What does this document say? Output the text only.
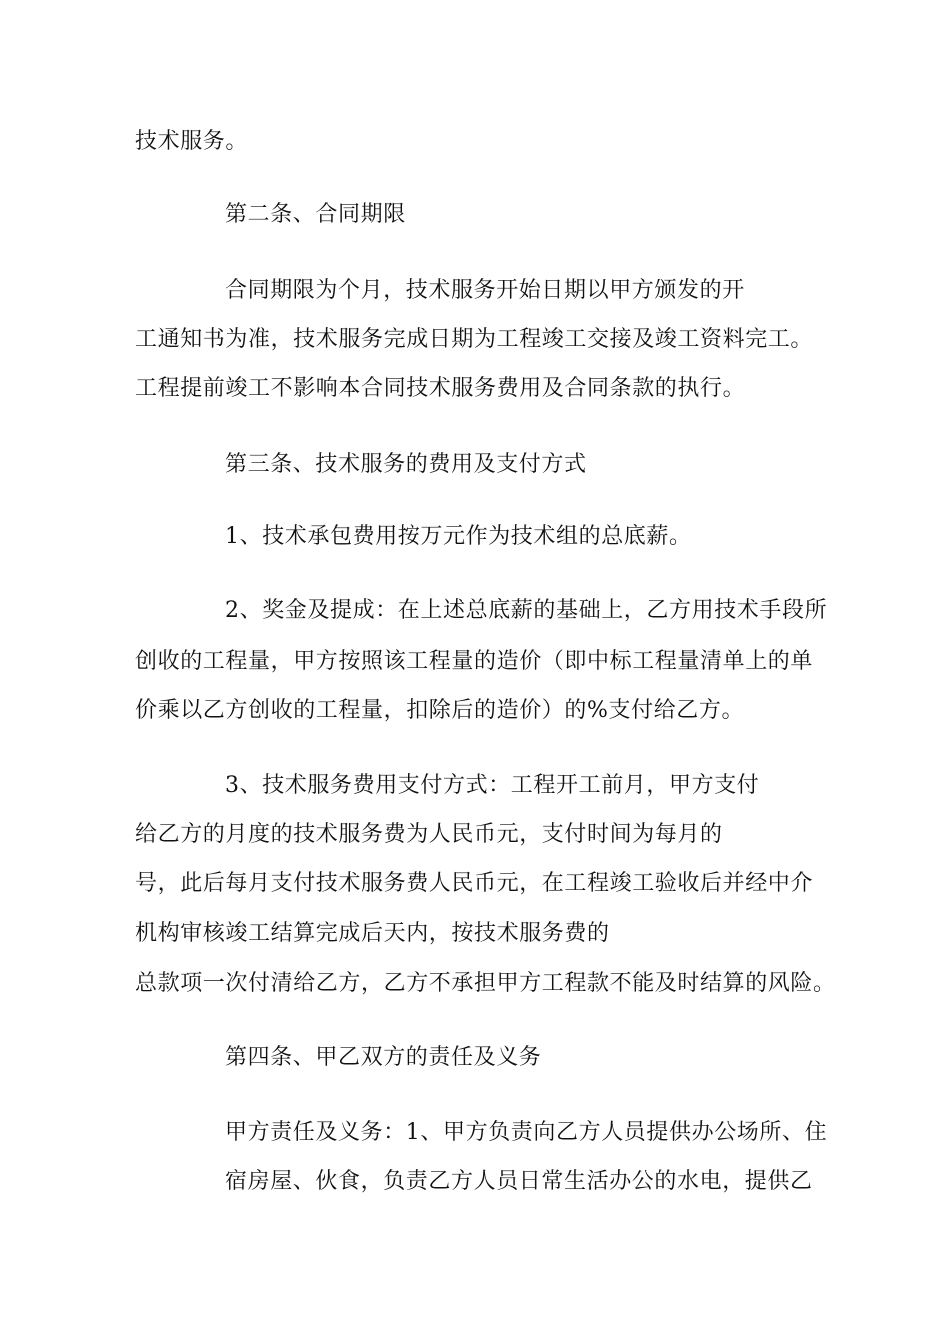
技术服务。
第二条、合同期限
合同期限为个月，技术服务开始日期以甲方颁发的开
工通知书为准，技术服务完成日期为工程竣工交接及竣工资料完工。
工程提前竣工不影响本合同技术服务费用及合同条款的执行。
第三条、技术服务的费用及支付方式
1、技术承包费用按万元作为技术组的总底薪。
2、奖金及提成：在上述总底薪的基础上，乙方用技术手段所
创收的工程量，甲方按照该工程量的造价（即中标工程量清单上的单
价乘以乙方创收的工程量，扣除后的造价）的%支付给乙方。
3、技术服务费用支付方式：工程开工前月，甲方支付
给乙方的月度的技术服务费为人民币元，支付时间为每月的
号，此后每月支付技术服务费人民币元，在工程竣工验收后并经中介
机构审核竣工结算完成后天内，按技术服务费的
总款项一次付清给乙方，乙方不承担甲方工程款不能及时结算的风险。
第四条、甲乙双方的责任及义务
甲方责任及义务：1、甲方负责向乙方人员提供办公场所、住
宿房屋、伙食，负责乙方人员日常生活办公的水电，提供乙
